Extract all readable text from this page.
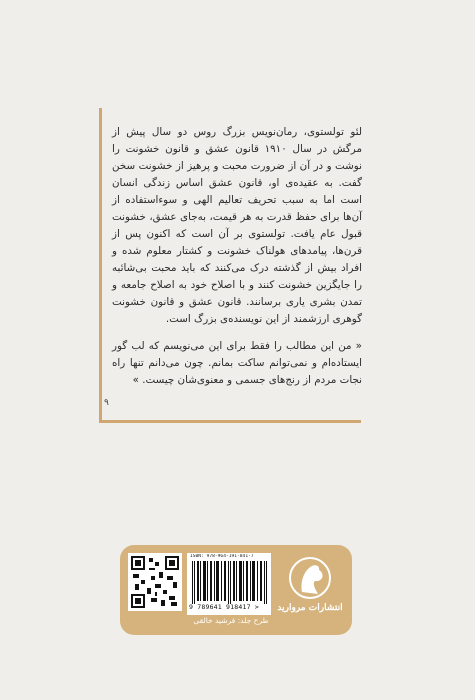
لئو تولستوی، رمان‌نویس بزرگ روس دو سال پیش از مرگش در سال ۱۹۱۰ قانون عشق و قانون خشونت را نوشت و در آن از ضرورت محبت و پرهیز از خشونت سخن گفت. به عقیده‌ی او، قانون عشق اساس زندگی انسان است اما به سبب تحریف تعالیم الهی و سوءاستفاده از آن‌ها برای حفظ قدرت به هر قیمت، به‌جای عشق، خشونت قبول عام یافت. تولستوی بر آن است که اکنون پس از قرن‌ها، پیامدهای هولناک خشونت و کشتار معلوم شده و افراد بیش از گذشته درک می‌کنند که باید محبت بی‌شائبه را جایگزین خشونت کنند و با اصلاح خود به اصلاح جامعه و تمدن بشری یاری برسانند. قانون عشق و قانون خشونت گوهری ارزشمند از این نویسنده‌ی بزرگ است.

« من این مطالب را فقط برای این می‌نویسم که لب گور ایستاده‌ام و نمی‌توانم ساکت بمانم. چون می‌دانم تنها راه نجات مردم از رنج‌های جسمی و معنوی‌شان چیست. »

۹
انتشارات مروارید
ISBN: 978-964-191-841-7
9 789641 918417 >
طرح جلد: فرشید خالقی
